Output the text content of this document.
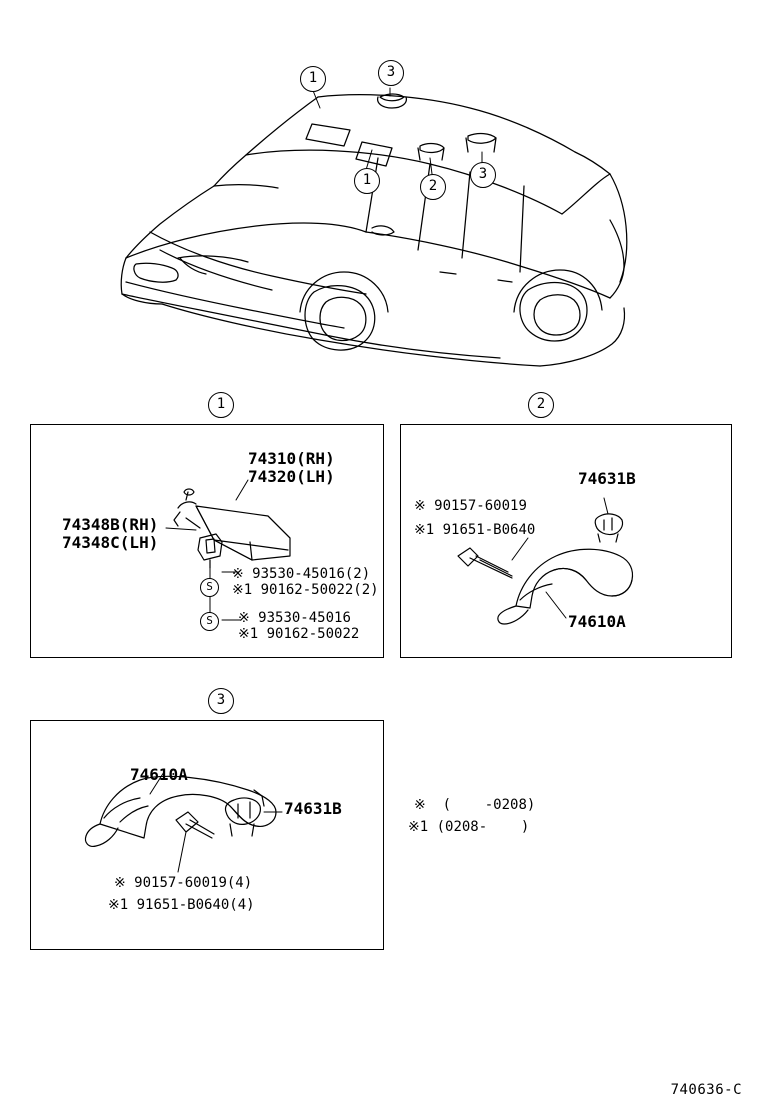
1	3
1	2
3
1
74310(RH)
74320(LH)
74348B(RH)
74348C(LH)
S
S
※ 93530-45016(2)
※1 90162-50022(2)
※ 93530-45016
※1 90162-50022
2
74631B
※ 90157-60019
※1 91651-B0640
74610A
3
74610A
74631B
※ 90157-60019(4)
※1 91651-B0640(4)
※  (    -0208)
※1 (0208-    )
740636-C
